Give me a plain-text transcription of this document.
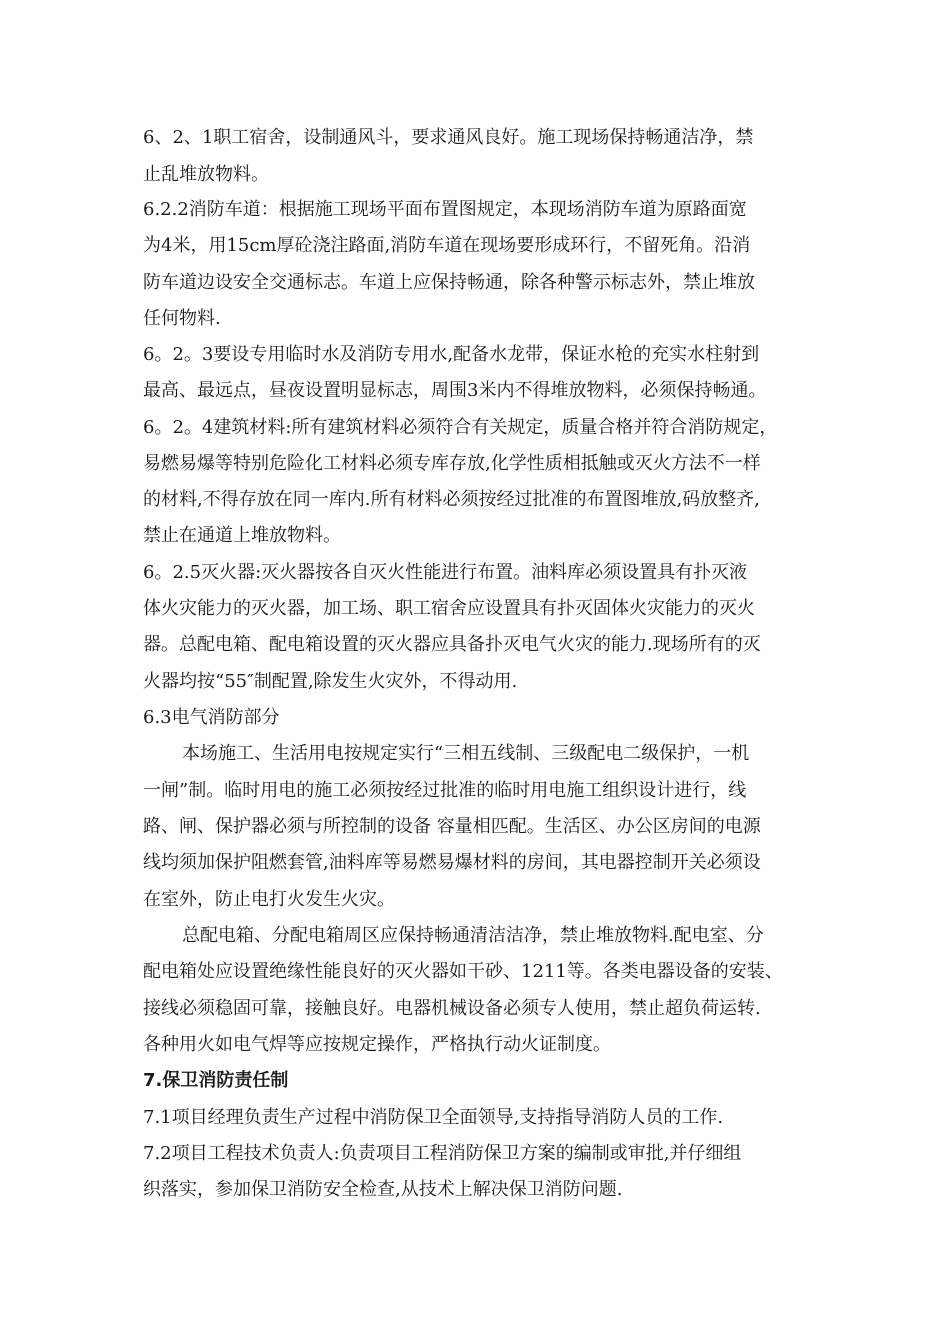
6、2、1职工宿舍，设制通风斗，要求通风良好。施工现场保持畅通洁净，禁
止乱堆放物料。
6.2.2消防车道：根据施工现场平面布置图规定，本现场消防车道为原路面宽
为4米，用15cm厚砼浇注路面,消防车道在现场要形成环行，不留死角。沿消
防车道边设安全交通标志。车道上应保持畅通，除各种警示标志外，禁止堆放
任何物料.
6。2。3要设专用临时水及消防专用水,配备水龙带，保证水枪的充实水柱射到
最高、最远点，昼夜设置明显标志，周围3米内不得堆放物料，必须保持畅通。
6。2。4建筑材料:所有建筑材料必须符合有关规定，质量合格并符合消防规定，
易燃易爆等特别危险化工材料必须专库存放,化学性质相抵触或灭火方法不一样
的材料,不得存放在同一库内.所有材料必须按经过批准的布置图堆放,码放整齐,
禁止在通道上堆放物料。
6。2.5灭火器:灭火器按各自灭火性能进行布置。油料库必须设置具有扑灭液
体火灾能力的灭火器，加工场、职工宿舍应设置具有扑灭固体火灾能力的灭火
器。总配电箱、配电箱设置的灭火器应具备扑灭电气火灾的能力.现场所有的灭
火器均按“55″制配置,除发生火灾外，不得动用.
6.3电气消防部分
本场施工、生活用电按规定实行“三相五线制、三级配电二级保护，一机
一闸”制。临时用电的施工必须按经过批准的临时用电施工组织设计进行，线
路、闸、保护器必须与所控制的设备 容量相匹配。生活区、办公区房间的电源
线均须加保护阻燃套管,油料库等易燃易爆材料的房间，其电器控制开关必须设
在室外，防止电打火发生火灾。
总配电箱、分配电箱周区应保持畅通清洁洁净，禁止堆放物料.配电室、分
配电箱处应设置绝缘性能良好的灭火器如干砂、1211等。各类电器设备的安装、
接线必须稳固可靠，接触良好。电器机械设备必须专人使用，禁止超负荷运转.
各种用火如电气焊等应按规定操作，严格执行动火证制度。
7.保卫消防责任制
7.1项目经理负责生产过程中消防保卫全面领导,支持指导消防人员的工作.
7.2项目工程技术负责人:负责项目工程消防保卫方案的编制或审批,并仔细组
织落实，参加保卫消防安全检查,从技术上解决保卫消防问题.
